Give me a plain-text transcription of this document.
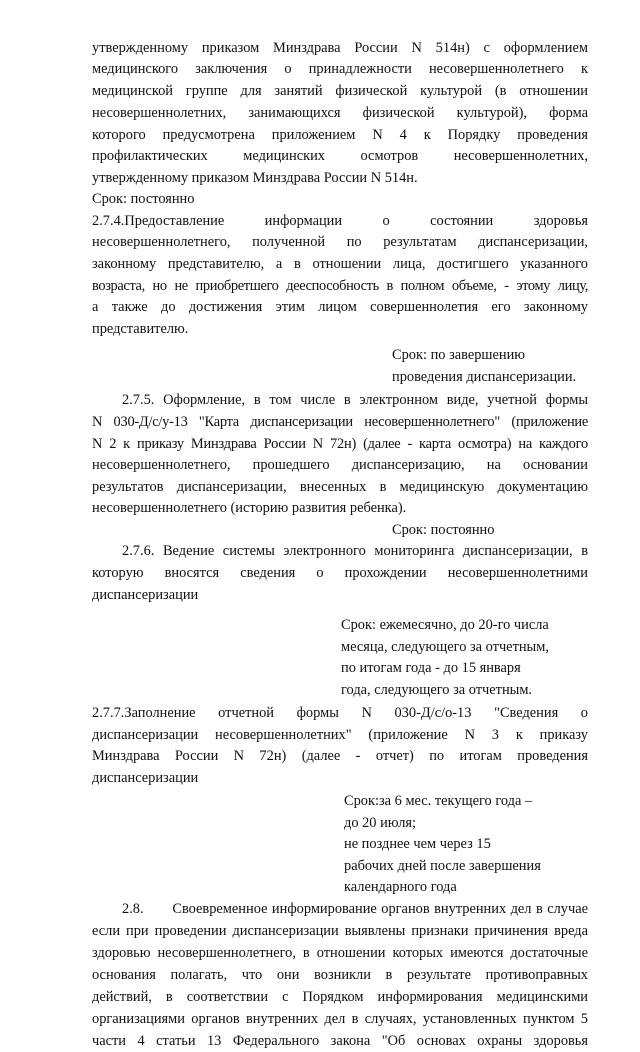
утвержденному приказом Минздрава России N 514н) с оформлением
медицинского заключения о принадлежности несовершеннолетнего к
медицинской группе для занятий физической культурой (в отношении
несовершеннолетних, занимающихся физической культурой), форма
которого предусмотрена приложением N 4 к Порядку проведения
профилактических медицинских осмотров несовершеннолетних,
утвержденному приказом Минздрава России N 514н.
Срок: постоянно
2.7.4.Предоставление информации о состоянии здоровья
несовершеннолетнего, полученной по результатам диспансеризации,
законному представителю, а в отношении лица, достигшего указанного
возраста, но не приобретшего дееспособность в полном объеме, - этому лицу,
а также до достижения этим лицом совершеннолетия его законному
представителю.
Срок: по завершению
проведения диспансеризации.
2.7.5. Оформление, в том числе в электронном виде, учетной формы
N 030-Д/с/у-13 "Карта диспансеризации несовершеннолетнего" (приложение
N 2 к приказу Минздрава России N 72н) (далее - карта осмотра) на каждого
несовершеннолетнего, прошедшего диспансеризацию, на основании
результатов диспансеризации, внесенных в медицинскую документацию
несовершеннолетнего (историю развития ребенка).
Срок: постоянно
2.7.6. Ведение системы электронного мониторинга диспансеризации, в
которую вносятся сведения о прохождении несовершеннолетними
диспансеризации
Срок: ежемесячно, до 20-го числа
месяца, следующего за отчетным,
по итогам года - до 15 января
года, следующего за отчетным.
2.7.7.Заполнение отчетной формы N 030-Д/с/о-13 "Сведения о
диспансеризации несовершеннолетних" (приложение N 3 к приказу
Минздрава России N 72н) (далее - отчет) по итогам проведения
диспансеризации
Срок:за 6 мес. текущего года –
до 20 июля;
не позднее чем через 15
рабочих дней после завершения
календарного года
2.8.  Своевременное информирование органов внутренних дел в случае
если при проведении диспансеризации выявлены признаки причинения вреда
здоровью несовершеннолетнего, в отношении которых имеются достаточные
основания полагать, что они возникли в результате противоправных
действий, в соответствии с Порядком информирования медицинскими
организациями органов внутренних дел в случаях, установленных пунктом 5
части 4 статьи 13 Федерального закона "Об основах охраны здоровья
